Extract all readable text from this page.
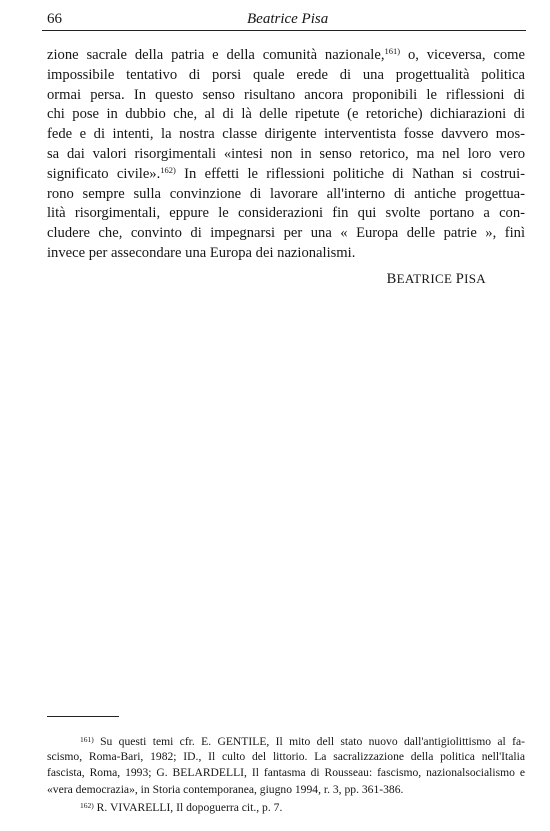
66	Beatrice Pisa
zione sacrale della patria e della comunità nazionale,$^{161)}$ o, viceversa, come
impossibile tentativo di porsi quale erede di una progettualità politica
ormai persa. In questo senso risultano ancora proponibili le riflessioni di
chi pose in dubbio che, al di là delle ripetute (e retoriche) dichiarazioni di
fede e di intenti, la nostra classe dirigente interventista fosse davvero mos-
sa dai valori risorgimentali «intesi non in senso retorico, ma nel loro vero
significato civile».$^{162)}$ In effetti le riflessioni politiche di Nathan si costrui-
rono sempre sulla convinzione di lavorare all'interno di antiche progettua-
lità risorgimentali, eppure le considerazioni fin qui svolte portano a con-
cludere che, convinto di impegnarsi per una « Europa delle patrie », finì
invece per assecondare una Europa dei nazionalismi.
BEATRICE PISA
$^{161)}$ Su questi temi cfr. E. GENTILE, Il mito dell stato nuovo dall'antigiolittismo al fa-
scismo, Roma-Bari, 1982; ID., Il culto del littorio. La sacralizzazione della politica nell'Italia
fascista, Roma, 1993; G. BELARDELLI, Il fantasma di Rousseau: fascismo, nazionalsocialismo e
«vera democrazia», in Storia contemporanea, giugno 1994, r. 3, pp. 361-386.
$^{162)}$ R. VIVARELLI, Il dopoguerra cit., p. 7.
